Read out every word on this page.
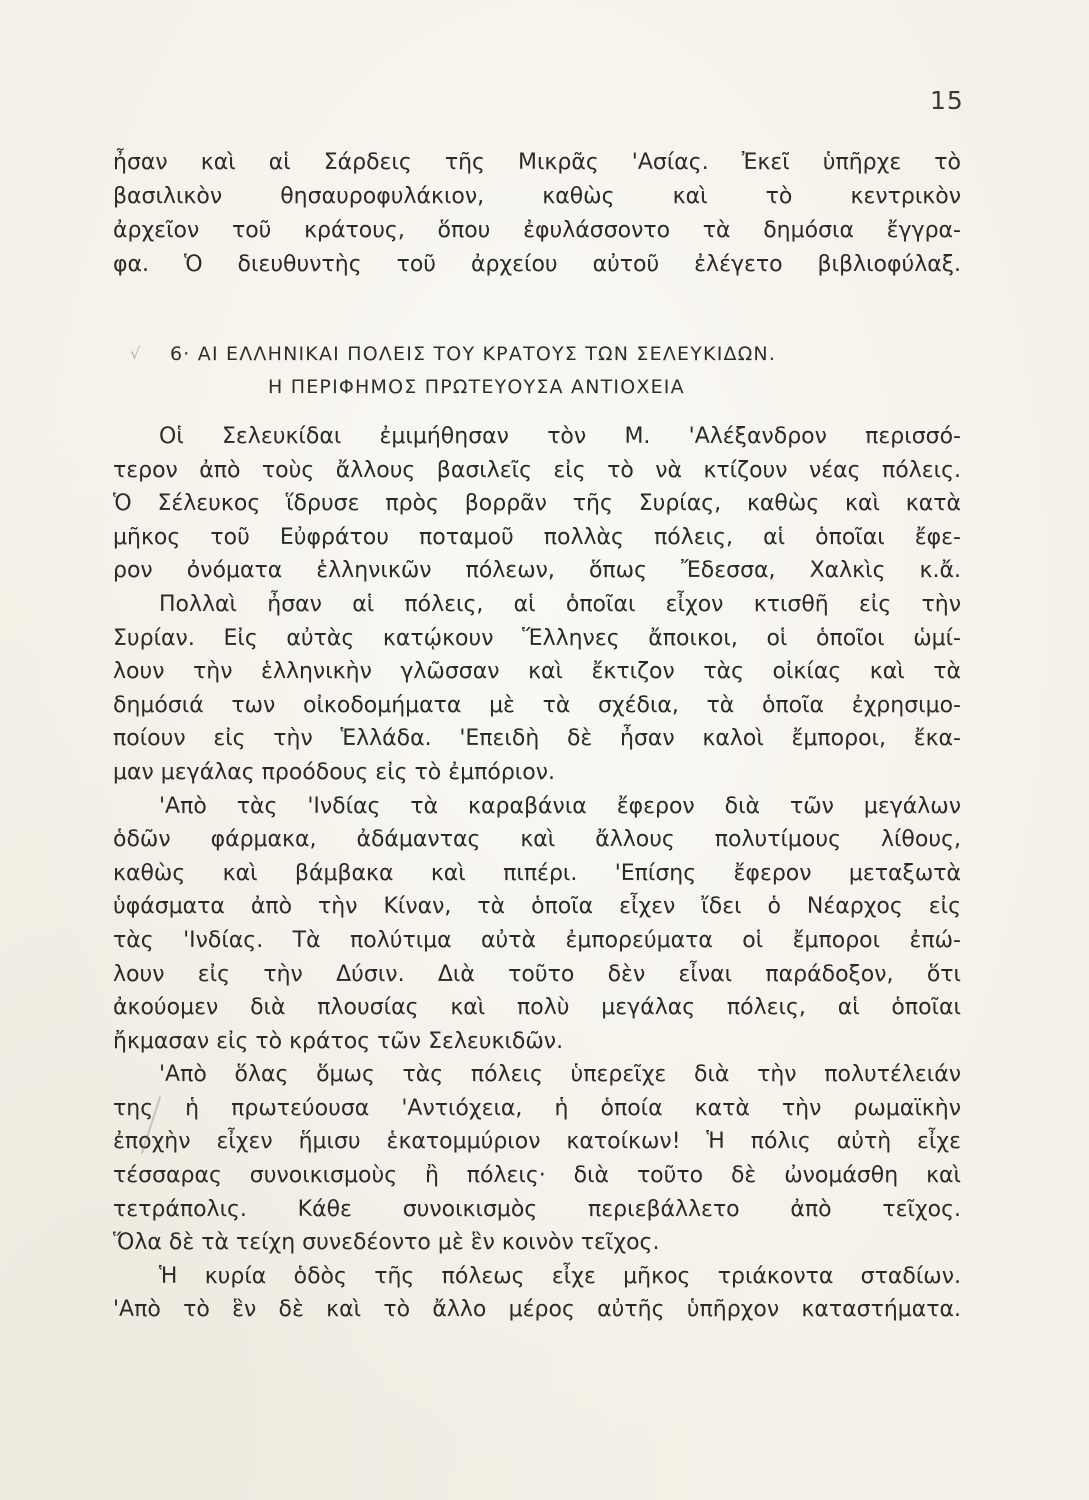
15
ἦσαν καὶ αἱ Σάρδεις τῆς Μικρᾶς 'Ασίας. Ἐκεῖ ὑπῆρχε τὸ
βασιλικὸν θησαυροφυλάκιον, καθὼς καὶ τὸ κεντρικὸν
ἀρχεῖον τοῦ κράτους, ὅπου ἐφυλάσσοντο τὰ δημόσια ἔγγρα-
φα. Ὁ διευθυντὴς τοῦ ἀρχείου αὐτοῦ ἐλέγετο βιβλιοφύλαξ.
√ 6· ΑΙ ΕΛΛΗΝΙΚΑΙ ΠΟΛΕΙΣ ΤΟΥ ΚΡΑΤΟΥΣ ΤΩΝ ΣΕΛΕΥΚΙΔΩΝ.
Η ΠΕΡΙΦΗΜΟΣ ΠΡΩΤΕΥΟΥΣΑ ΑΝΤΙΟΧΕΙΑ
Οἱ Σελευκίδαι ἐμιμήθησαν τὸν Μ. 'Αλέξανδρον περισσό-
τερον ἀπὸ τοὺς ἄλλους βασιλεῖς εἰς τὸ νὰ κτίζουν νέας πόλεις.
Ὁ Σέλευκος ἵδρυσε πρὸς βορρᾶν τῆς Συρίας, καθὼς καὶ κατὰ
μῆκος τοῦ Εὐφράτου ποταμοῦ πολλὰς πόλεις, αἱ ὁποῖαι ἔφε-
ρον ὀνόματα ἑλληνικῶν πόλεων, ὅπως Ἔδεσσα, Χαλκὶς κ.ἄ.
Πολλαὶ ἦσαν αἱ πόλεις, αἱ ὁποῖαι εἶχον κτισθῆ εἰς τὴν
Συρίαν. Εἰς αὐτὰς κατῴκουν Ἕλληνες ἄποικοι, οἱ ὁποῖοι ὡμί-
λουν τὴν ἑλληνικὴν γλῶσσαν καὶ ἔκτιζον τὰς οἰκίας καὶ τὰ
δημόσιά των οἰκοδομήματα μὲ τὰ σχέδια, τὰ ὁποῖα ἐχρησιμο-
ποίουν εἰς τὴν Ἑλλάδα. 'Επειδὴ δὲ ἦσαν καλοὶ ἔμποροι, ἔκα-
μαν μεγάλας προόδους εἰς τὸ ἐμπόριον.
'Απὸ τὰς 'Ινδίας τὰ καραβάνια ἔφερον διὰ τῶν μεγάλων
ὁδῶν φάρμακα, ἀδάμαντας καὶ ἄλλους πολυτίμους λίθους,
καθὼς καὶ βάμβακα καὶ πιπέρι. 'Επίσης ἔφερον μεταξωτὰ
ὑφάσματα ἀπὸ τὴν Κίναν, τὰ ὁποῖα εἶχεν ἴδει ὁ Νέαρχος εἰς
τὰς 'Ινδίας. Τὰ πολύτιμα αὐτὰ ἐμπορεύματα οἱ ἔμποροι ἐπώ-
λουν εἰς τὴν Δύσιν. Διὰ τοῦτο δὲν εἶναι παράδοξον, ὅτι
ἀκούομεν διὰ πλουσίας καὶ πολὺ μεγάλας πόλεις, αἱ ὁποῖαι
ἤκμασαν εἰς τὸ κράτος τῶν Σελευκιδῶν.
'Απὸ ὅλας ὅμως τὰς πόλεις ὑπερεῖχε διὰ τὴν πολυτέλειάν
της ἡ πρωτεύουσα 'Αντιόχεια, ἡ ὁποία κατὰ τὴν ρωμαϊκὴν
ἐποχὴν εἶχεν ἥμισυ ἑκατομμύριον κατοίκων! Ἡ πόλις αὐτὴ εἶχε
τέσσαρας συνοικισμοὺς ἢ πόλεις· διὰ τοῦτο δὲ ὠνομάσθη καὶ
τετράπολις. Κάθε συνοικισμὸς περιεβάλλετο ἀπὸ τεῖχος.
Ὅλα δὲ τὰ τείχη συνεδέοντο μὲ ἓν κοινὸν τεῖχος.
Ἡ κυρία ὁδὸς τῆς πόλεως εἶχε μῆκος τριάκοντα σταδίων.
'Απὸ τὸ ἓν δὲ καὶ τὸ ἄλλο μέρος αὐτῆς ὑπῆρχον καταστήματα.
